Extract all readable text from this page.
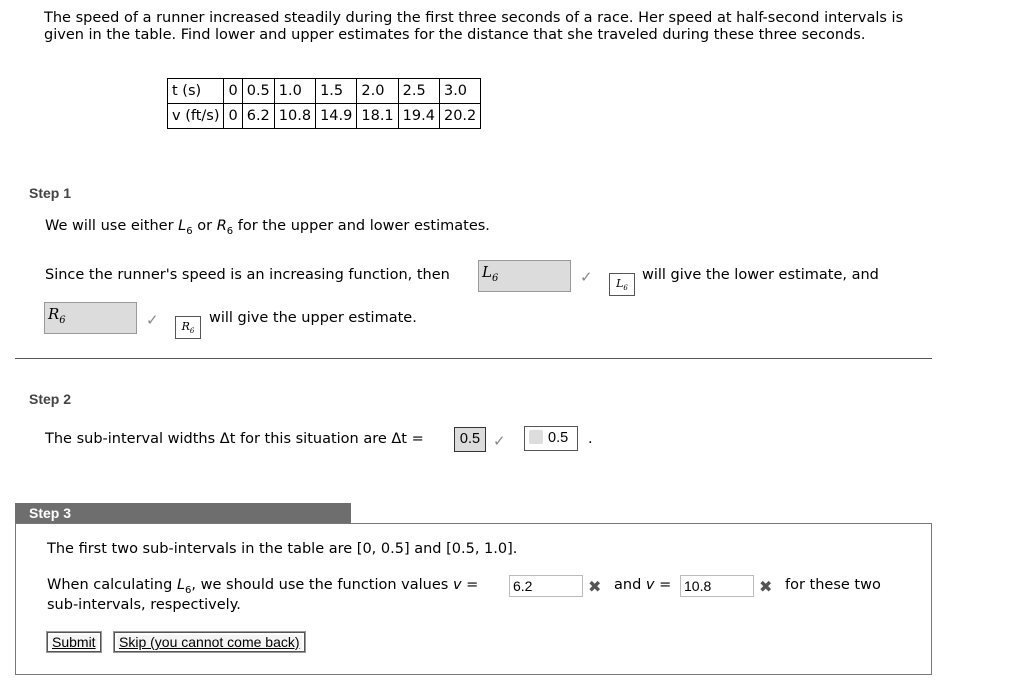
The speed of a runner increased steadily during the first three seconds of a race. Her speed at half-second intervals is given in the table. Find lower and upper estimates for the distance that she traveled during these three seconds.
t (s)	0	0.5	1.0	1.5	2.0	2.5	3.0
v (ft/s)	0	6.2	10.8	14.9	18.1	19.4	20.2
Step 1
We will use either $L_6$ or $R_6$ for the upper and lower estimates.
Since the runner's speed is an increasing function, then $L_6$	✓	$L_6$
will give the lower estimate, and
$R_6$	✓	$R_6$
will give the upper estimate.
Step 2
The sub-interval widths Δt for this situation are Δt =	0.5 ✓	0.5 .
Step 3
The first two sub-intervals in the table are [0, 0.5] and [0.5, 1.0].
When calculating $L_6$, we should use the function values v = 6.2	✖ and v = 10.8	✖ for these two
sub-intervals, respectively.
Submit	Skip (you cannot come back)
